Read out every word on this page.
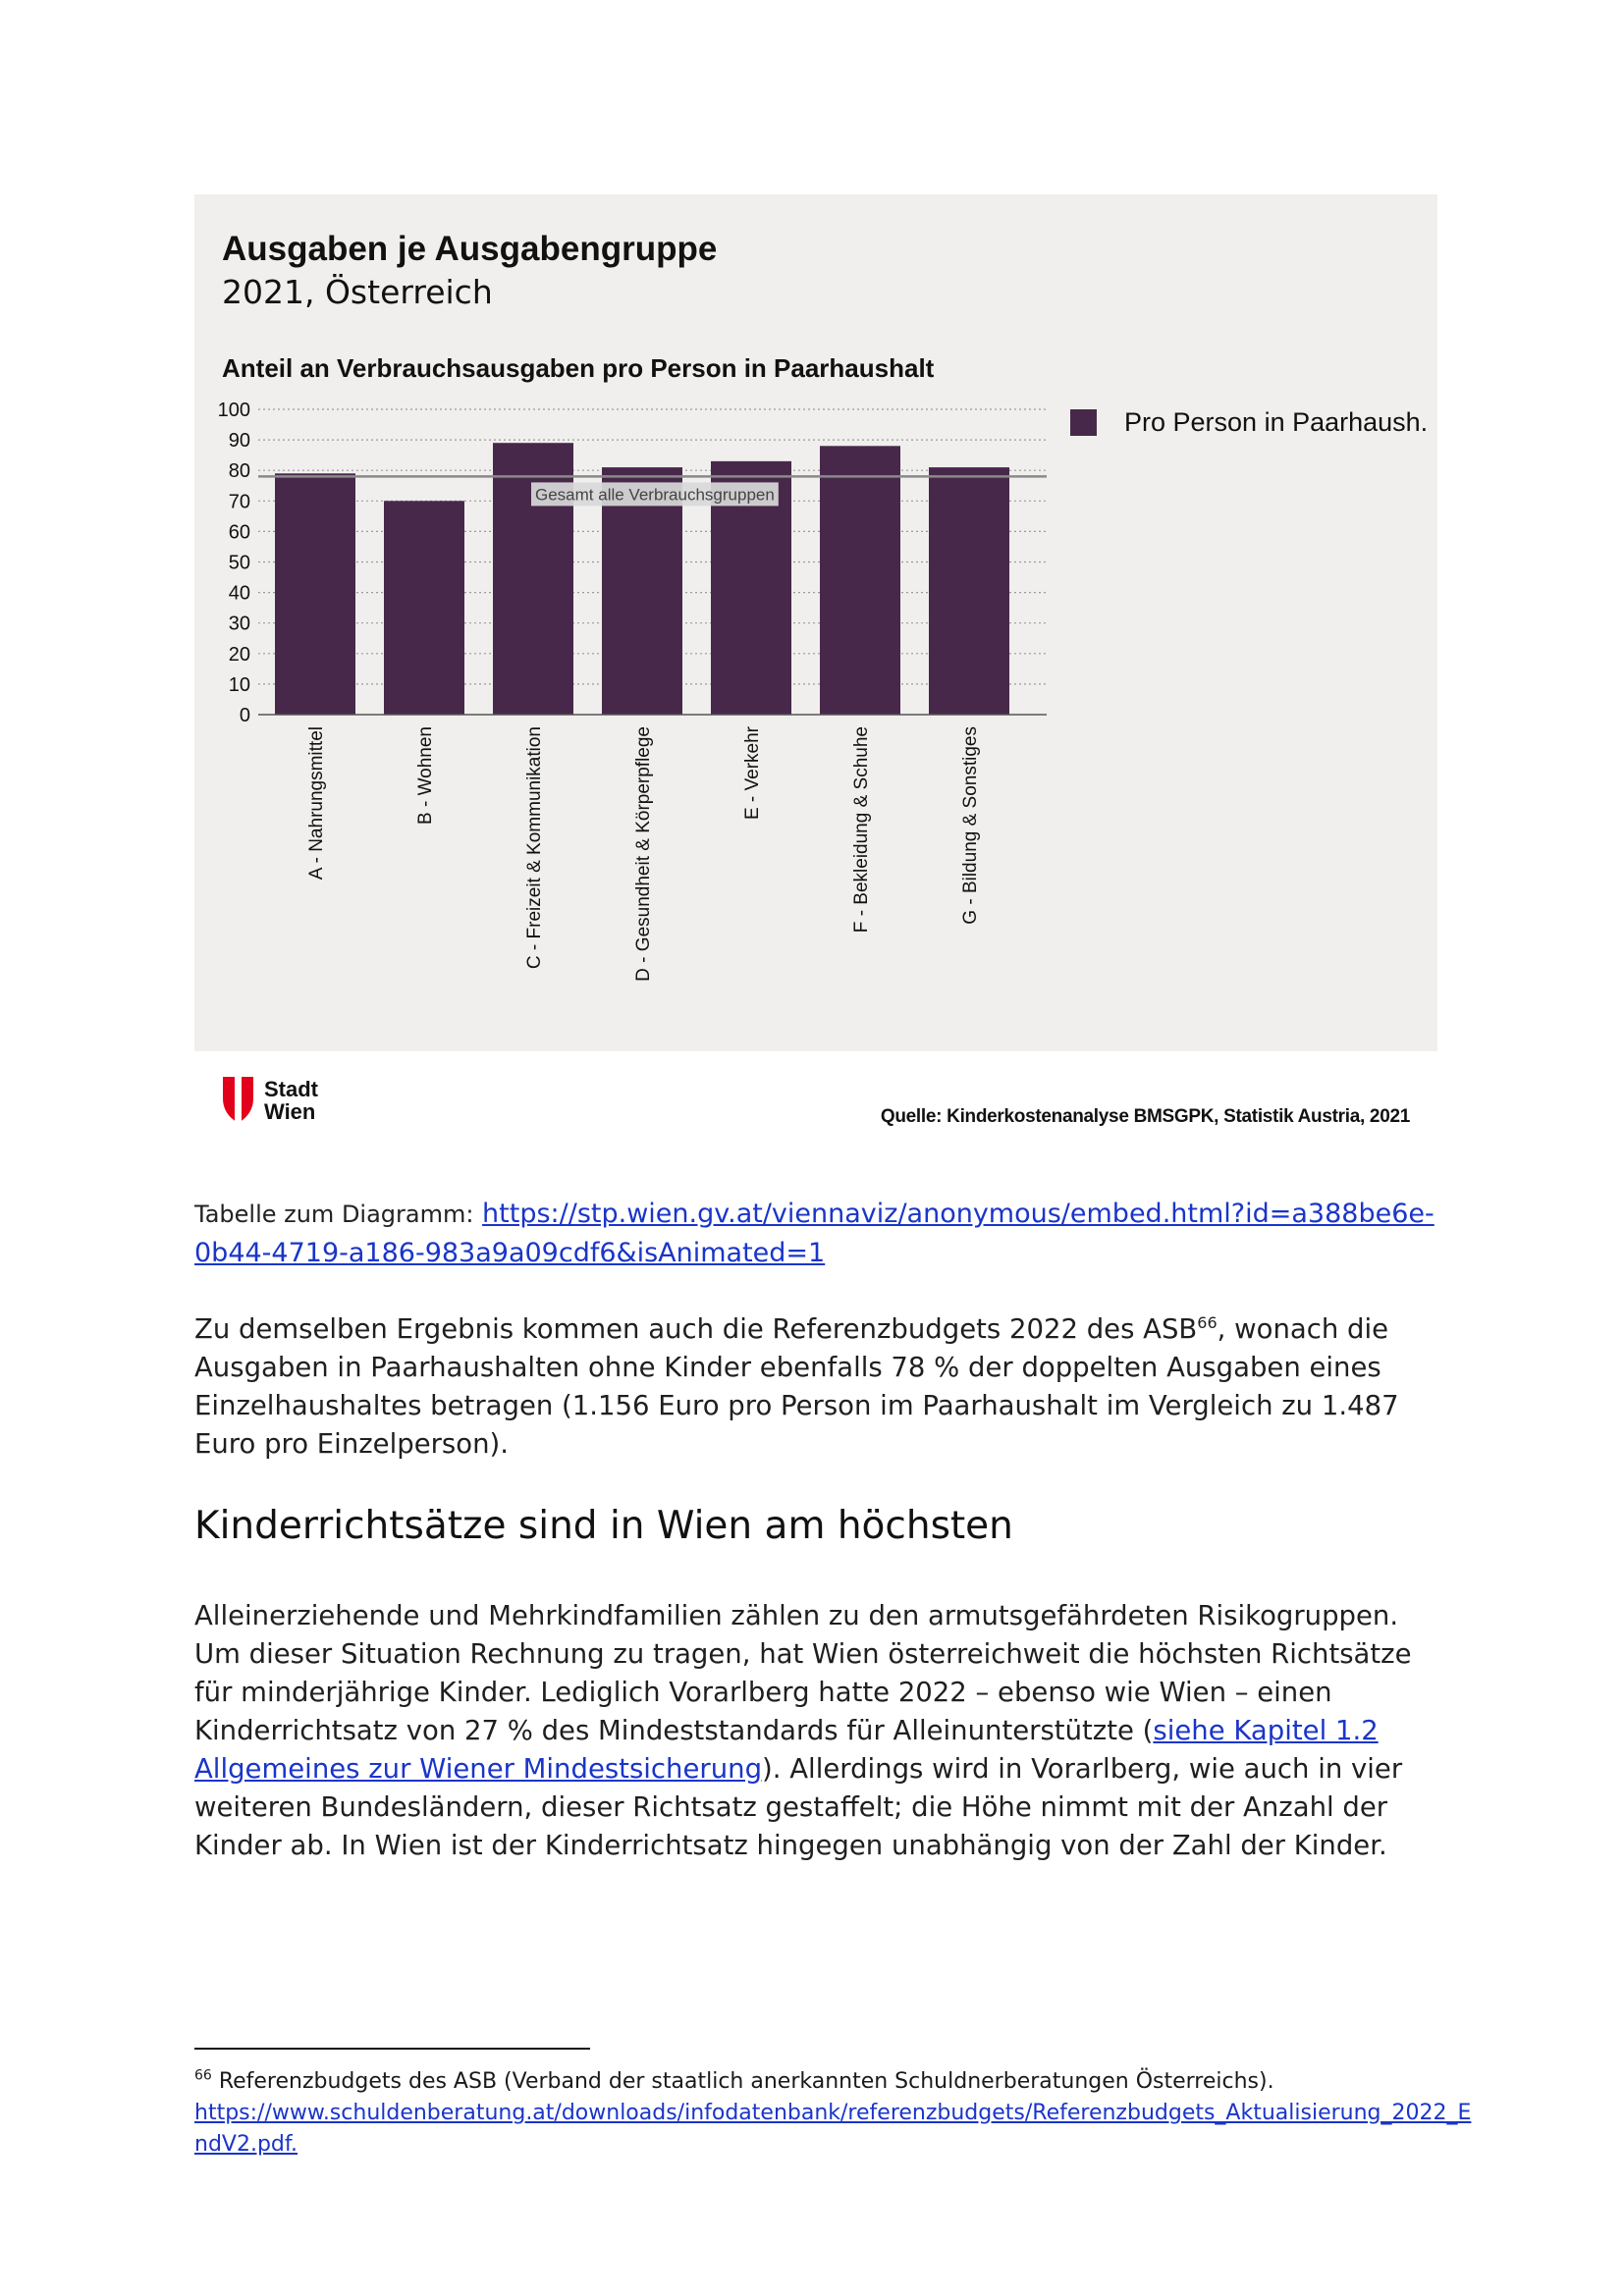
Ausgaben je Ausgabengruppe
2021, Österreich
Anteil an Verbrauchsausgaben pro Person in Paarhaushalt
0
10
20
30
40
50
60
70
80
90
100
A - Nahrungsmittel	B - Wohnen	C - Freizeit & Kommunikation	D - Gesundheit & Körperpflege	E - Verkehr	F - Bekleidung & Schuhe	G - Bildung & Sonstiges
Gesamt alle Verbrauchsgruppen
Pro Person in Paarhaush.
Stadt
Wien	Quelle: Kinderkostenanalyse BMSGPK, Statistik Austria, 2021
Tabelle zum Diagramm: https://stp.wien.gv.at/viennaviz/anonymous/embed.html?id=a388be6e-
0b44-4719-a186-983a9a09cdf6&isAnimated=1

Zu demselben Ergebnis kommen auch die Referenzbudgets 2022 des ASB$^{66}$, wonach die Ausgaben in Paarhaushalten ohne Kinder ebenfalls 78 % der doppelten Ausgaben eines Einzelhaushaltes betragen (1.156 Euro pro Person im Paarhaushalt im Vergleich zu 1.487 Euro pro Einzelperson).

Kinderrichtsätze sind in Wien am höchsten

Alleinerziehende und Mehrkindfamilien zählen zu den armutsgefährdeten Risikogruppen. Um dieser Situation Rechnung zu tragen, hat Wien österreichweit die höchsten Richtsätze für minderjährige Kinder. Lediglich Vorarlberg hatte 2022 – ebenso wie Wien – einen Kinderrichtsatz von 27 % des Mindeststandards für Alleinunterstützte (siehe Kapitel 1.2 Allgemeines zur Wiener Mindestsicherung). Allerdings wird in Vorarlberg, wie auch in vier weiteren Bundesländern, dieser Richtsatz gestaffelt; die Höhe nimmt mit der Anzahl der Kinder ab. In Wien ist der Kinderrichtsatz hingegen unabhängig von der Zahl der Kinder.

$^{66}$ Referenzbudgets des ASB (Verband der staatlich anerkannten Schuldnerberatungen Österreichs).
https://www.schuldenberatung.at/downloads/infodatenbank/referenzbudgets/Referenzbudgets_Aktualisierung_2022_E
ndV2.pdf.
